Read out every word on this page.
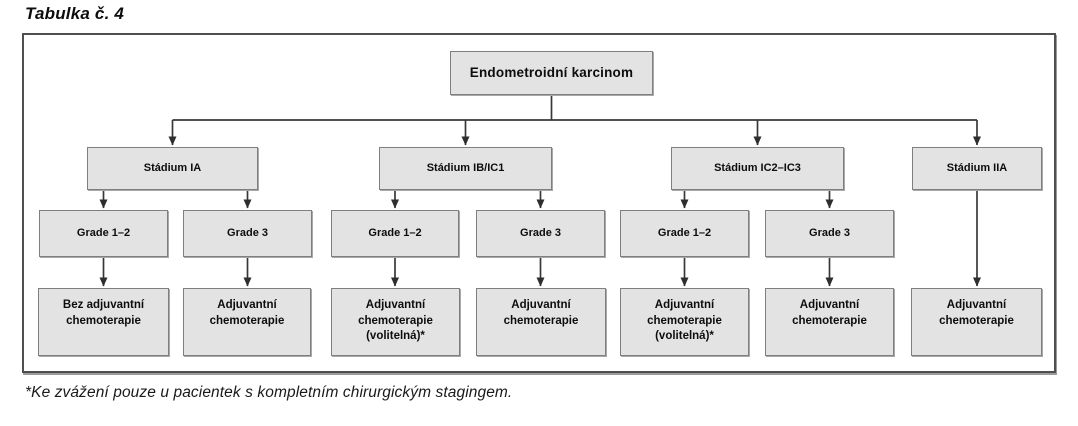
Tabulka č. 4
Endometroidní karcinom
Stádium IA	Stádium IB/IC1	Stádium IC2–IC3	Stádium IIA
Grade 1–2	Grade 3	Grade 1–2	Grade 3	Grade 1–2	Grade 3
Bez adjuvantní chemoterapie
Adjuvantní chemoterapie
Adjuvantní chemoterapie (volitelná)*
Adjuvantní chemoterapie
Adjuvantní chemoterapie (volitelná)*
Adjuvantní chemoterapie
Adjuvantní chemoterapie
*Ke zvážení pouze u pacientek s kompletním chirurgickým stagingem.
